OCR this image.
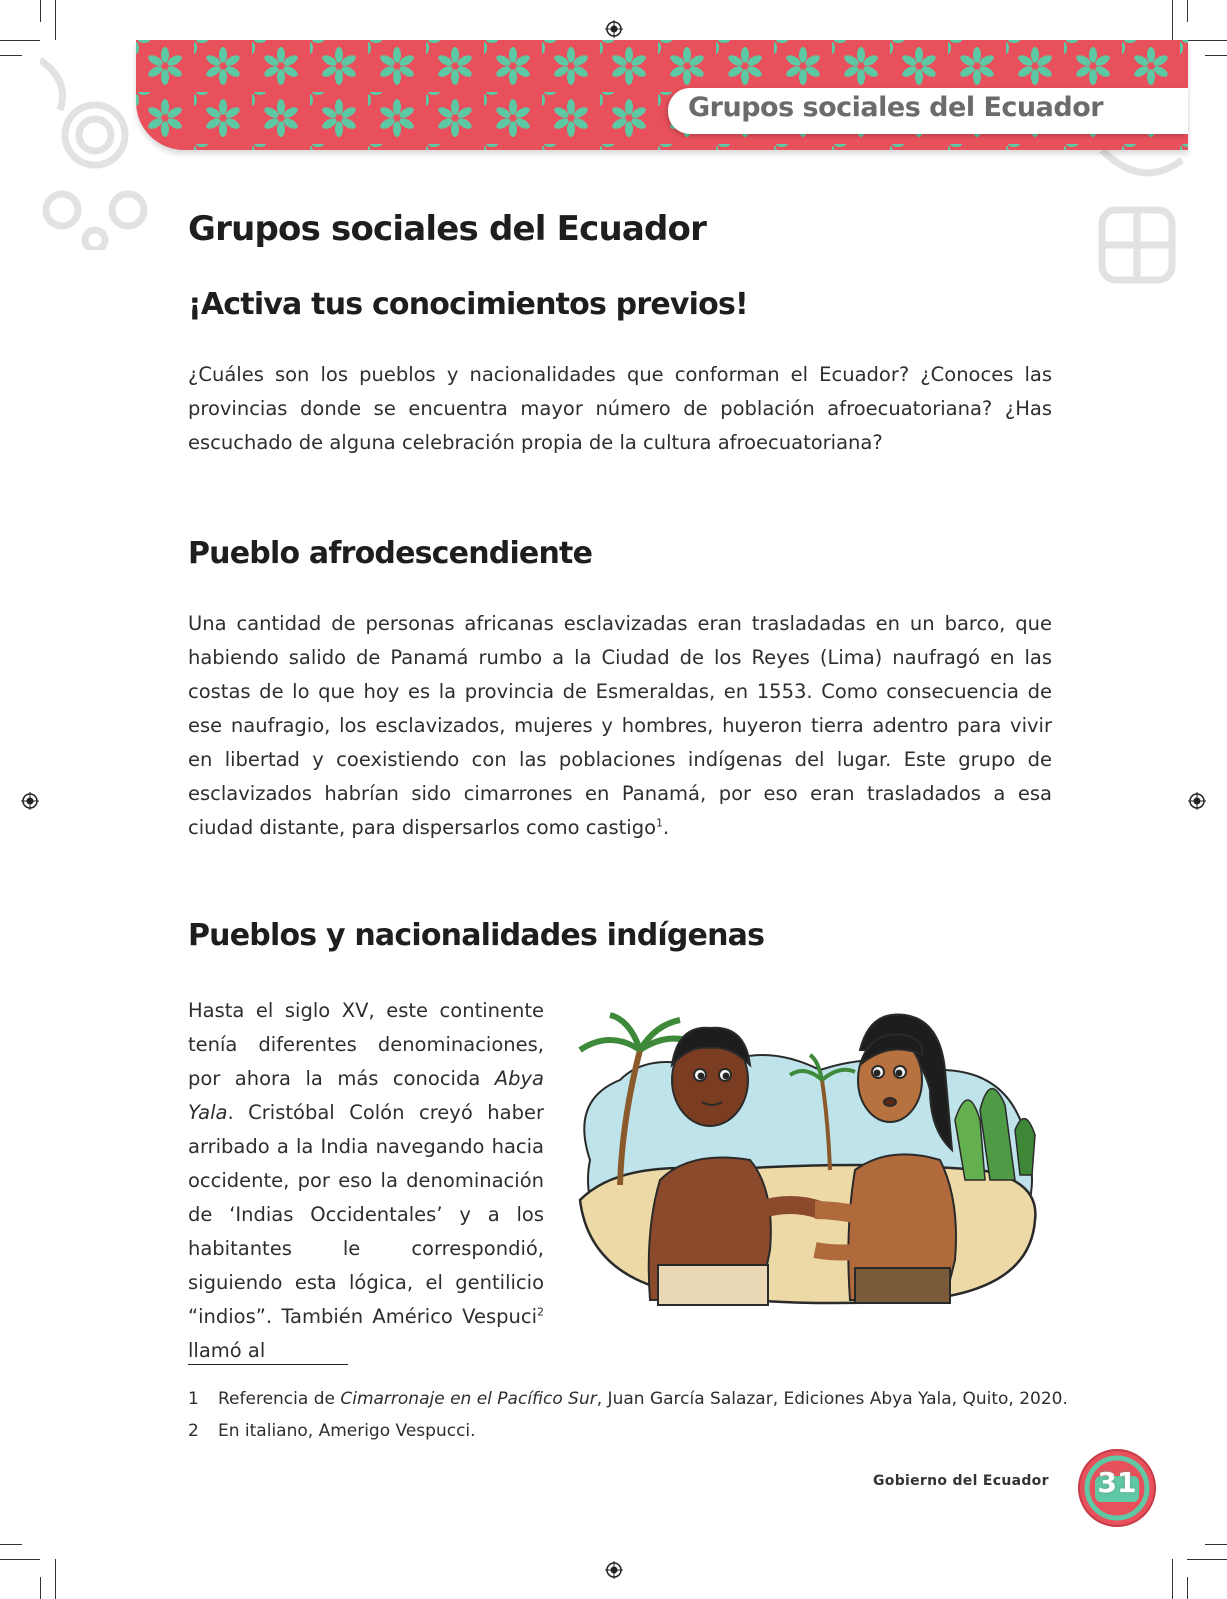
Grupos sociales del Ecuador
Grupos sociales del Ecuador
¡Activa tus conocimientos previos!

¿Cuáles son los pueblos y nacionalidades que conforman el Ecuador? ¿Conoces las provincias donde se encuentra mayor número de población afroecuatoriana? ¿Has escuchado de alguna celebración propia de la cultura afroecuatoriana?

Pueblo afrodescendiente

Una cantidad de personas africanas esclavizadas eran trasladadas en un barco, que habiendo salido de Panamá rumbo a la Ciudad de los Reyes (Lima) naufragó en las costas de lo que hoy es la provincia de Esmeraldas, en 1553. Como consecuencia de ese naufragio, los esclavizados, mujeres y hombres, huyeron tierra adentro para vivir en libertad y coexistiendo con las poblaciones indígenas del lugar. Este grupo de esclavizados habrían sido cimarrones en Panamá, por eso eran trasladados a esa ciudad distante, para dispersarlos como castigo$^1$.

Pueblos y nacionalidades indígenas

Hasta el siglo XV, este continente tenía diferentes denominaciones, por ahora la más conocida Abya Yala. Cristóbal Colón creyó haber arribado a la India navegando hacia occidente, por eso la denominación de ‘Indias Occidentales’ y a los habitantes le correspondió, siguiendo esta lógica, el gentilicio “indios”. También Américo Vespuci$^2$ llamó al

1 Referencia de Cimarronaje en el Pacífico Sur, Juan García Salazar, Ediciones Abya Yala, Quito, 2020.

2 En italiano, Amerigo Vespucci.

Gobierno del Ecuador	31
